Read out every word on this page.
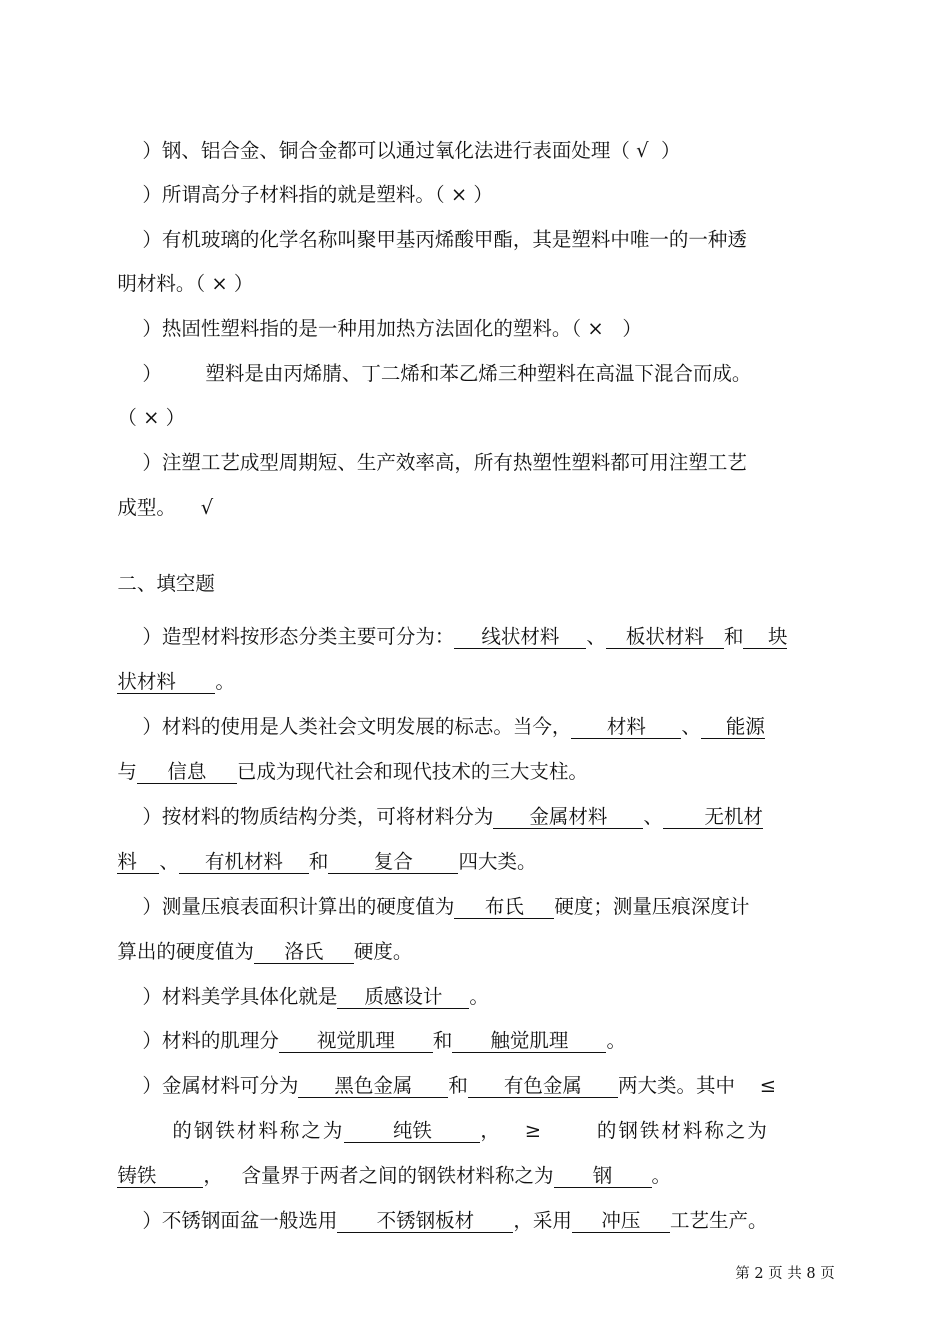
）钢、铝合金、铜合金都可以通过氧化法进行表面处理（ √ ）

）所谓高分子材料指的就是塑料。（ × ）

）有机玻璃的化学名称叫聚甲基丙烯酸甲酯，其是塑料中唯一的一种透

明材料。（ × ）

）热固性塑料指的是一种用加热方法固化的塑料。（ × ）

） 塑料是由丙烯腈、丁二烯和苯乙烯三种塑料在高温下混合而成。

（ × ）

）注塑工艺成型周期短、生产效率高，所有热塑性塑料都可用注塑工艺

成型。 √

二、填空题

）造型材料按形态分类主要可分为： 线状材料 、 板状材料 和 块

状材料 。

）材料的使用是人类社会文明发展的标志。当今， 材料 、 能源

与 信息 已成为现代社会和现代技术的三大支柱。

）按材料的物质结构分类，可将材料分为 金属材料 、 无机材

料 、 有机材料 和 复合 四大类。

）测量压痕表面积计算出的硬度值为 布氏 硬度；测量压痕深度计

算出的硬度值为 洛氏 硬度。

）材料美学具体化就是 质感设计 。

）材料的肌理分 视觉肌理 和 触觉肌理 。

）金属材料可分为 黑色金属 和 有色金属 两大类。其中 ≤

的钢铁材料称之为 纯铁 ， ≥	的钢铁材料称之为

铸铁 ， 含量界于两者之间的钢铁材料称之为 钢 。

）不锈钢面盆一般选用 不锈钢板材 ，采用 冲压 工艺生产。

第 2 页 共 8 页
